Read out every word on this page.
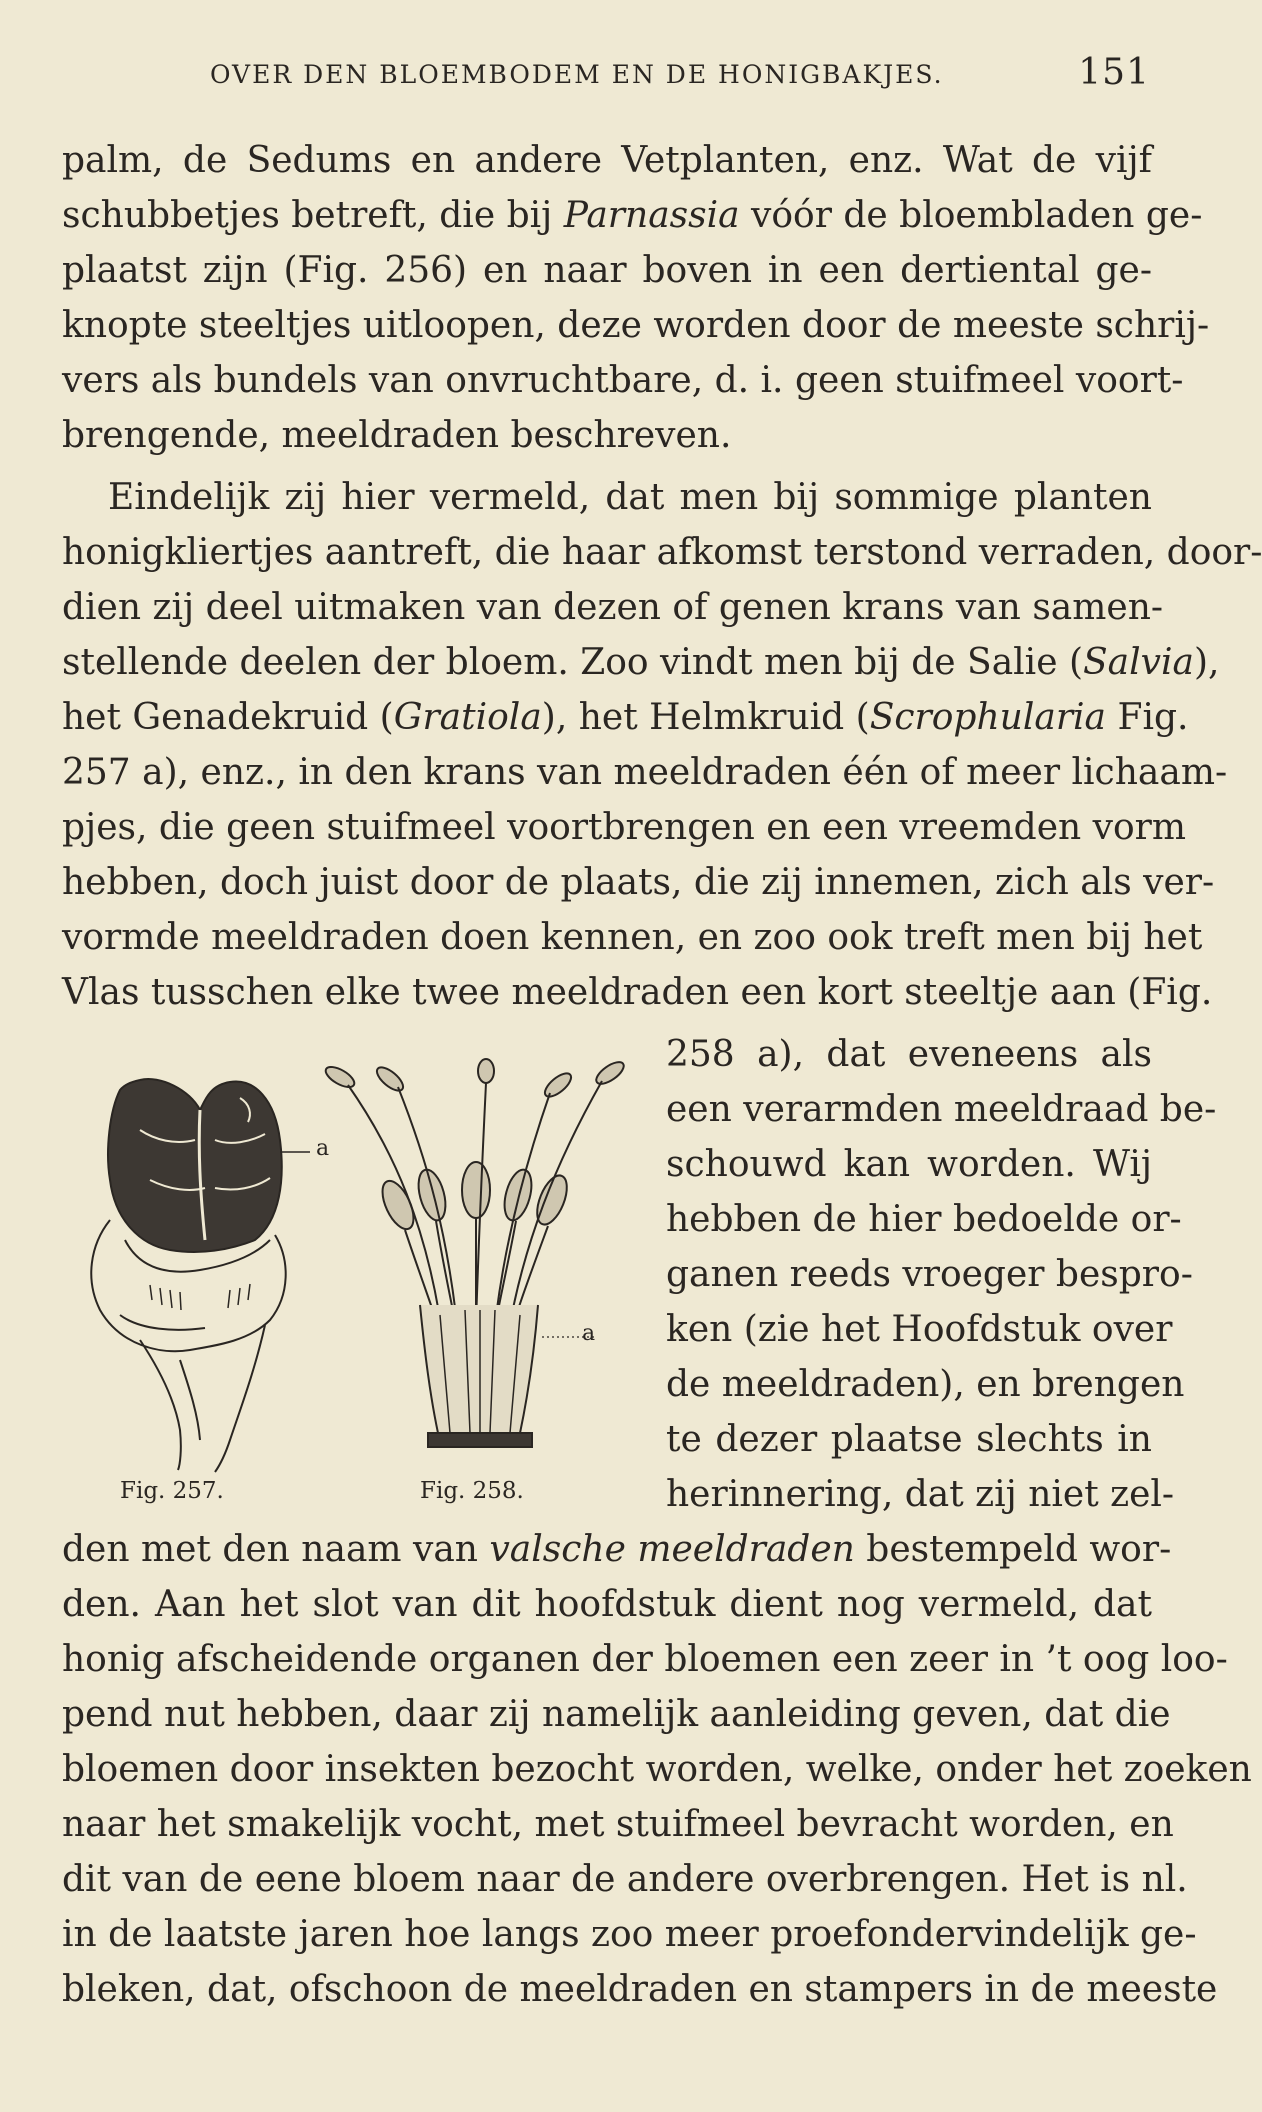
OVER DEN BLOEMBODEM EN DE HONIGBAKJES.	151
palm, de Sedums en andere Vetplanten, enz. Wat de vijf
schubbetjes betreft, die bij Parnassia vóór de bloembladen ge-
plaatst zijn (Fig. 256) en naar boven in een dertiental ge-
knopte steeltjes uitloopen, deze worden door de meeste schrij-
vers als bundels van onvruchtbare, d. i. geen stuifmeel voort-
brengende, meeldraden beschreven.
Eindelijk zij hier vermeld, dat men bij sommige planten
honigkliertjes aantreft, die haar afkomst terstond verraden, door-
dien zij deel uitmaken van dezen of genen krans van samen-
stellende deelen der bloem. Zoo vindt men bij de Salie (Salvia),
het Genadekruid (Gratiola), het Helmkruid (Scrophularia Fig.
257 a), enz., in den krans van meeldraden één of meer lichaam-
pjes, die geen stuifmeel voortbrengen en een vreemden vorm
hebben, doch juist door de plaats, die zij innemen, zich als ver-
vormde meeldraden doen kennen, en zoo ook treft men bij het
Vlas tusschen elke twee meeldraden een kort steeltje aan (Fig.
258 a), dat eveneens als
een verarmden meeldraad be-
schouwd kan worden. Wij
hebben de hier bedoelde or-
ganen reeds vroeger bespro-
ken (zie het Hoofdstuk over
de meeldraden), en brengen
te dezer plaatse slechts in
herinnering, dat zij niet zel-
den met den naam van valsche meeldraden bestempeld wor-
den. Aan het slot van dit hoofdstuk dient nog vermeld, dat
honig afscheidende organen der bloemen een zeer in ’t oog loo-
pend nut hebben, daar zij namelijk aanleiding geven, dat die
bloemen door insekten bezocht worden, welke, onder het zoeken
naar het smakelijk vocht, met stuifmeel bevracht worden, en
dit van de eene bloem naar de andere overbrengen. Het is nl.
in de laatste jaren hoe langs zoo meer proefondervindelijk ge-
bleken, dat, ofschoon de meeldraden en stampers in de meeste
a
Fig. 257.
a
Fig. 258.
